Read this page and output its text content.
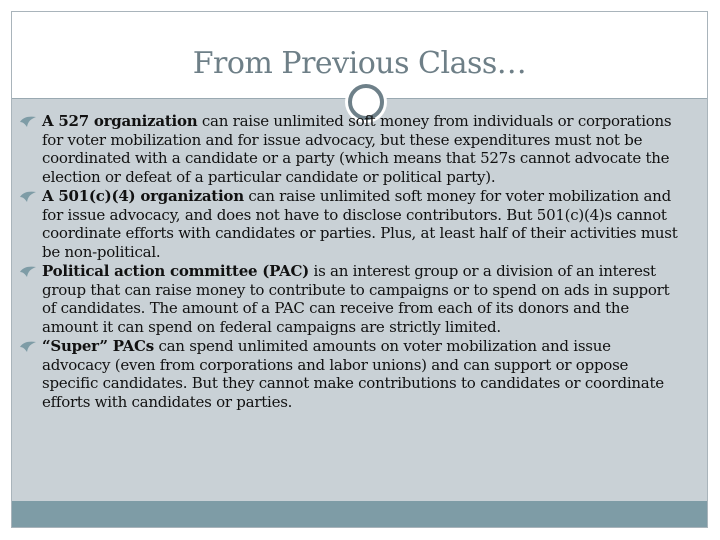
From Previous Class…
A 527 organization can raise unlimited soft money from individuals or corporations for voter mobilization and for issue advocacy, but these expenditures must not be coordinated with a candidate or a party (which means that 527s cannot advocate the election or defeat of a particular candidate or political party).
A 501(c)(4) organization can raise unlimited soft money for voter mobilization and for issue advocacy, and does not have to disclose contributors. But 501(c)(4)s cannot coordinate efforts with candidates or parties. Plus, at least half of their activities must be non-political.
Political action committee (PAC) is an interest group or a division of an interest group that can raise money to contribute to campaigns or to spend on ads in support of candidates. The amount of a PAC can receive from each of its donors and the amount it can spend on federal campaigns are strictly limited.
“Super” PACs can spend unlimited amounts on voter mobilization and issue advocacy (even from corporations and labor unions) and can support or oppose specific candidates. But they cannot make contributions to candidates or coordinate efforts with candidates or parties.
